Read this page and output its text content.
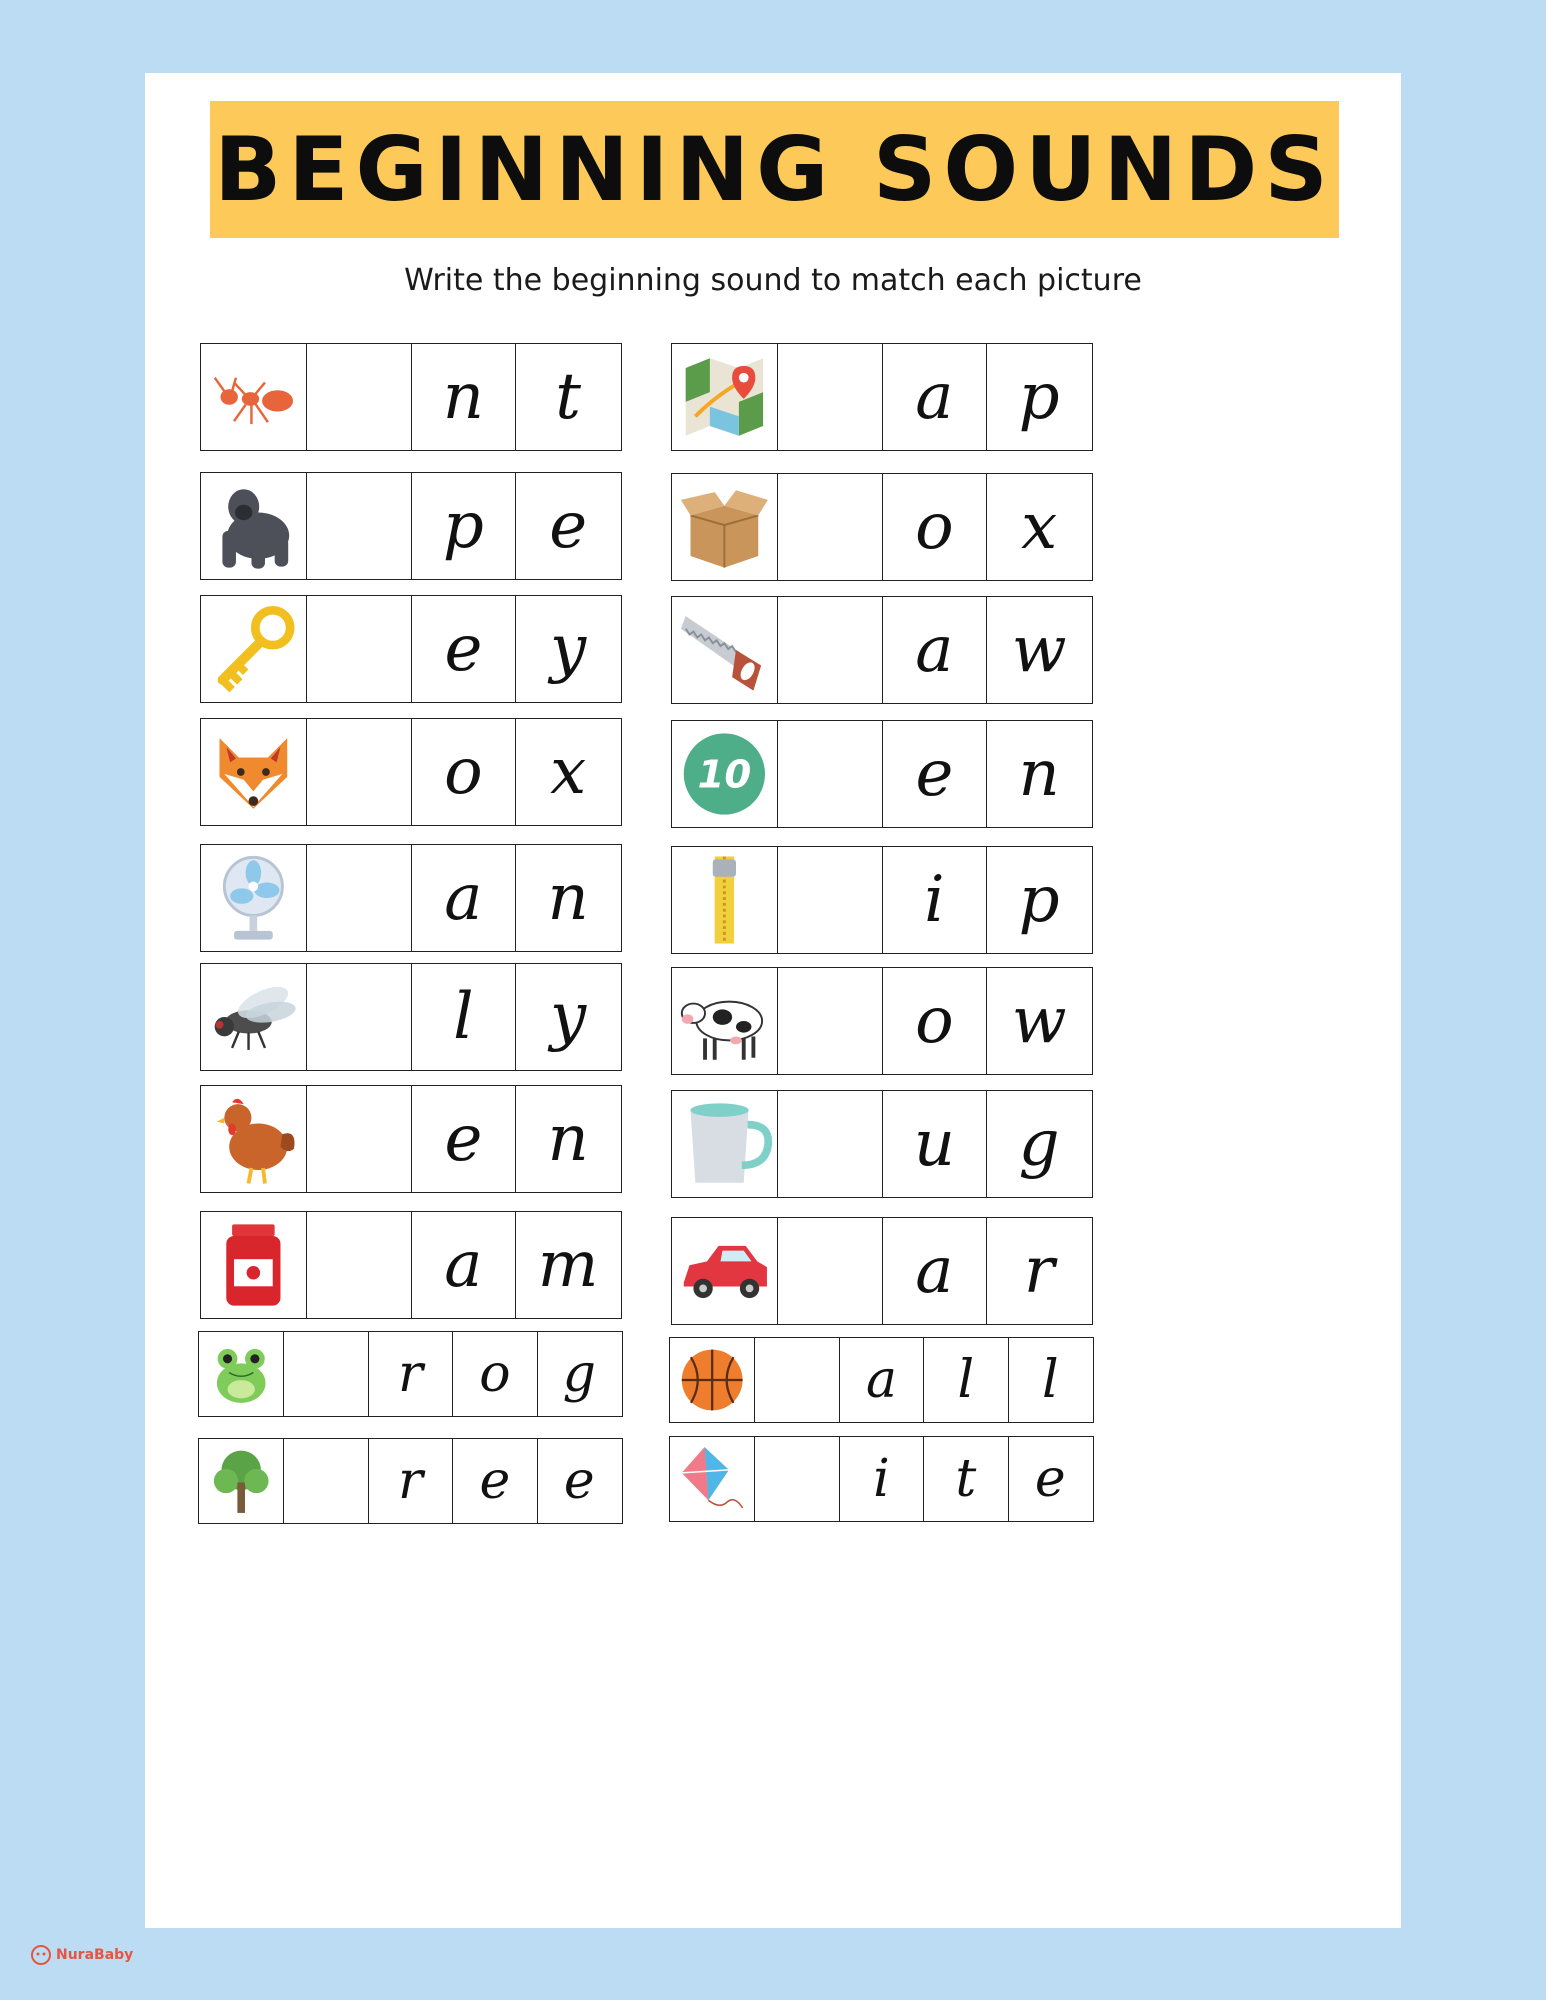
BEGINNING SOUNDS
Write the beginning sound to match each picture
n	t
p	e
e	y
o	x
a	n
l	y
e	n
a m
r	o	g
r	e	e
a	p
o	x
a w
10	e	n
i	p
o w
u g
a	r
a	l	l
i	t	e
NuraBaby
